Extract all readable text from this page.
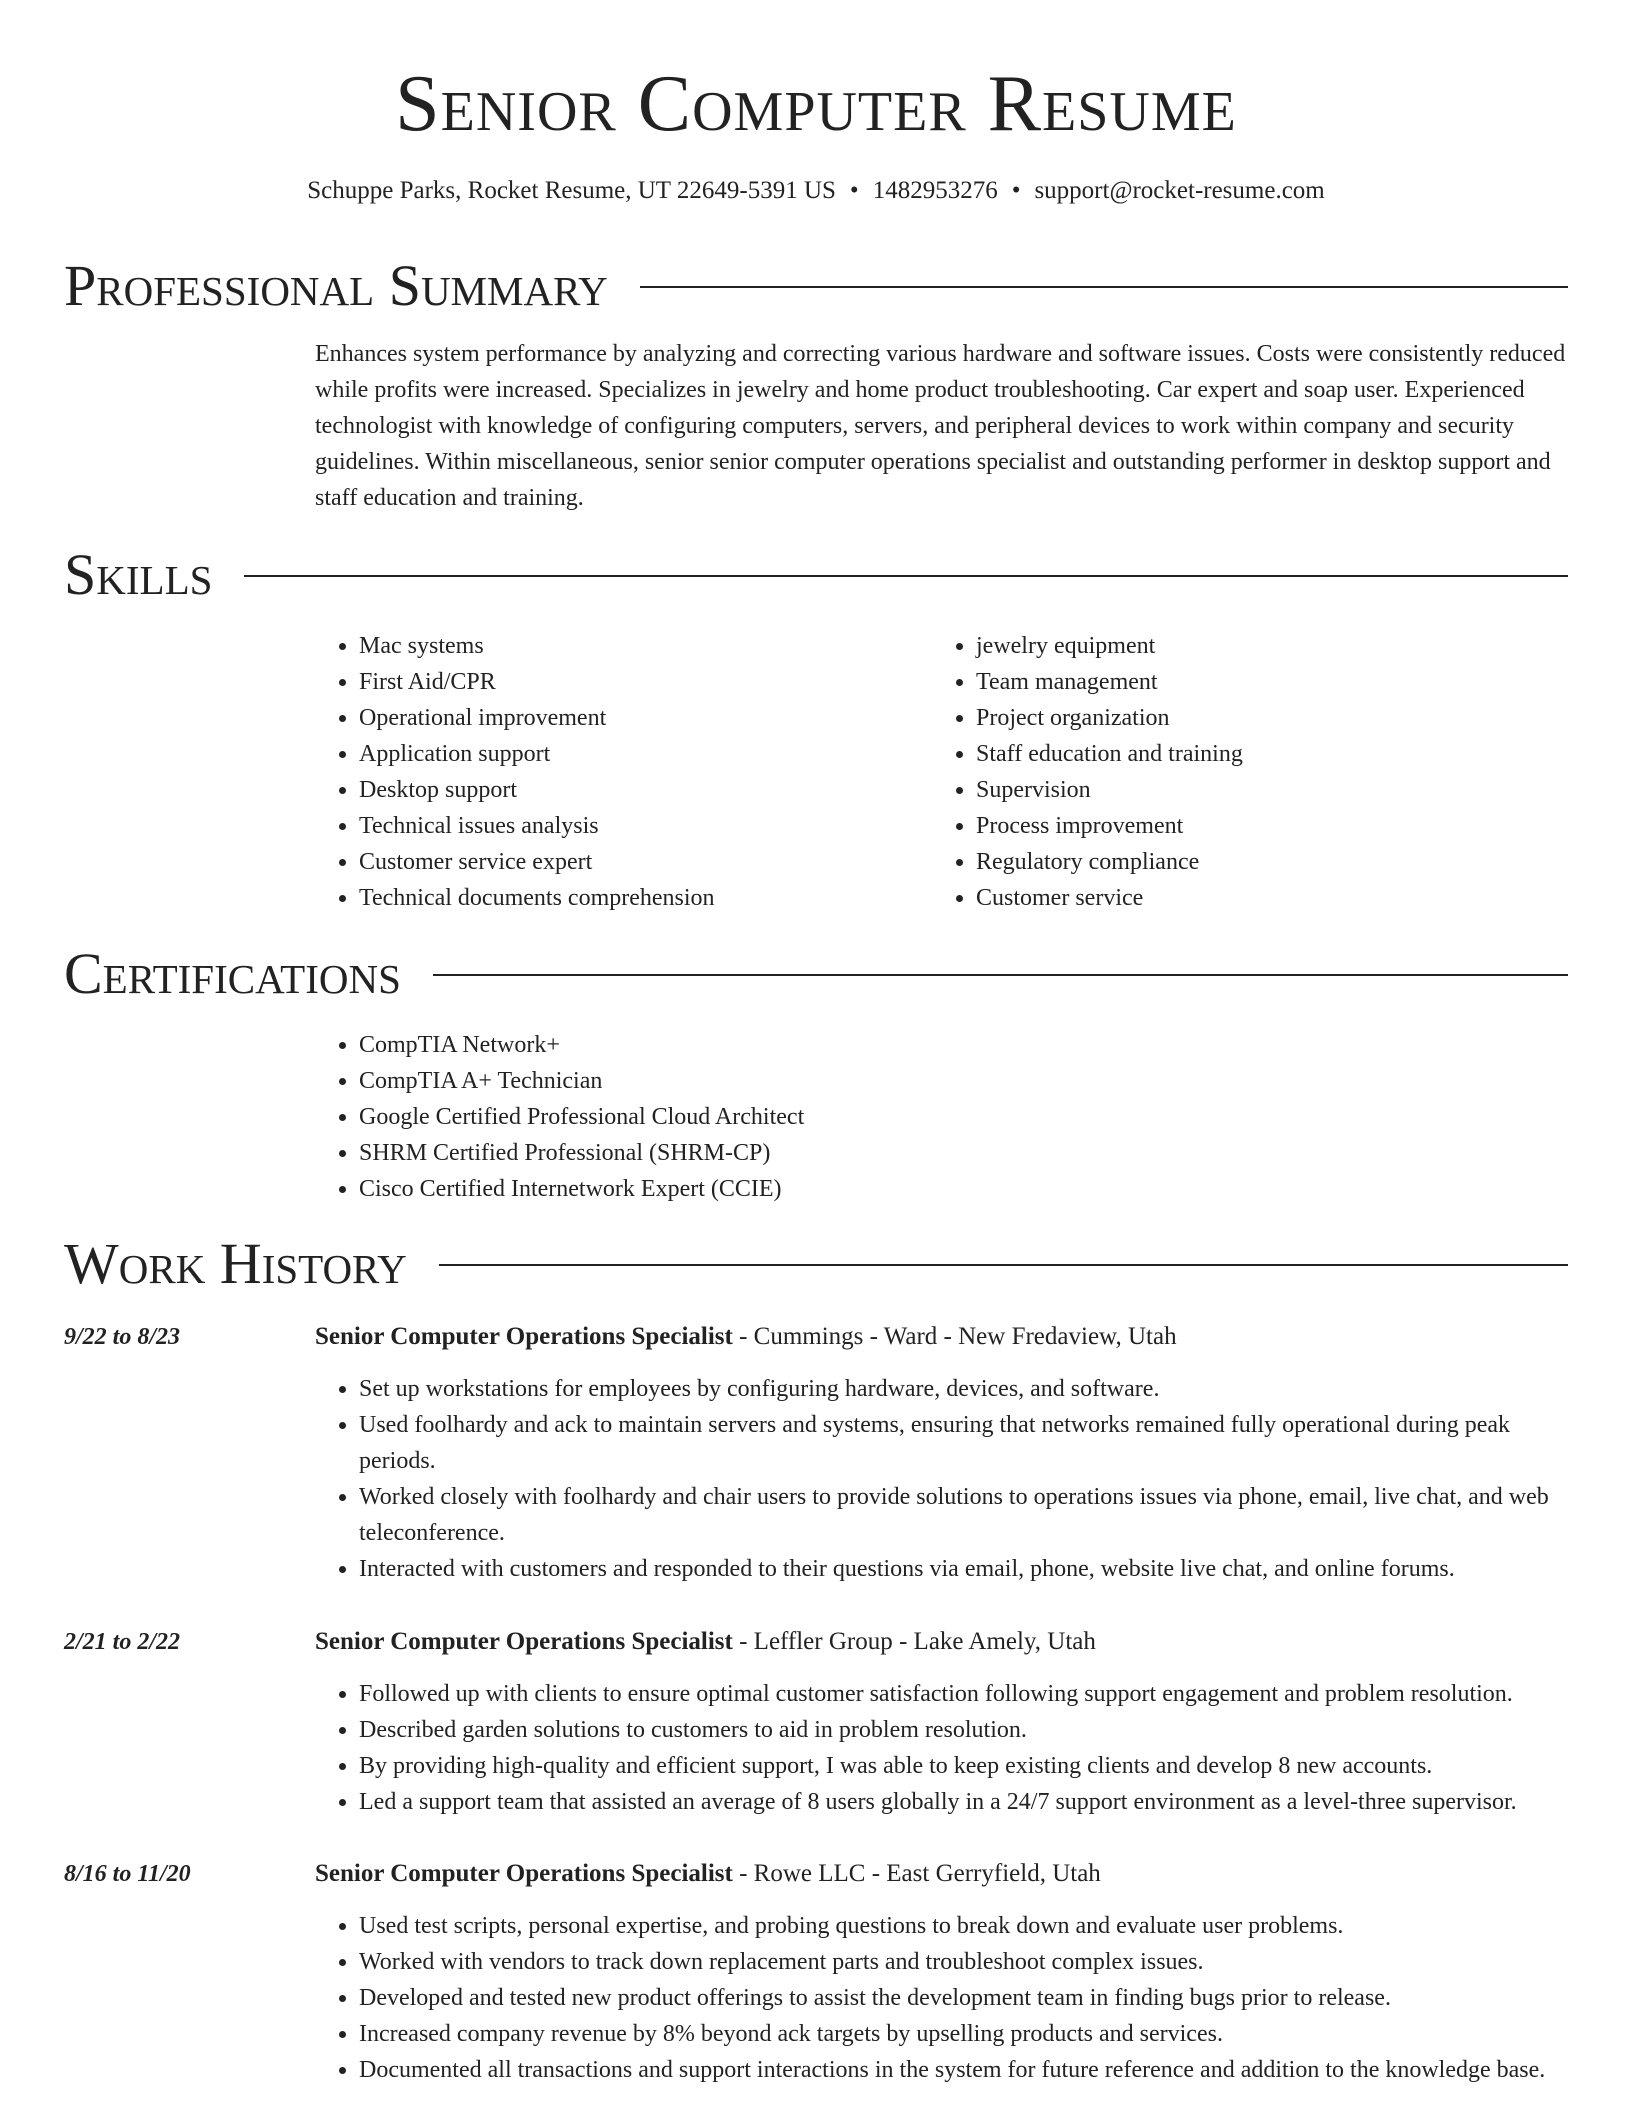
Senior Computer Resume
Schuppe Parks, Rocket Resume, UT 22649-5391 US • 1482953276 • support@rocket-resume.com
Professional Summary

Enhances system performance by analyzing and correcting various hardware and software issues. Costs were consistently reduced while profits were increased. Specializes in jewelry and home product troubleshooting. Car expert and soap user. Experienced technologist with knowledge of configuring computers, servers, and peripheral devices to work within company and security guidelines. Within miscellaneous, senior senior computer operations specialist and outstanding performer in desktop support and staff education and training.

Skills
• Mac systems
• First Aid/CPR
• Operational improvement
• Application support
• Desktop support
• Technical issues analysis
• Customer service expert
• Technical documents comprehension
• jewelry equipment
• Team management
• Project organization
• Staff education and training
• Supervision
• Process improvement
• Regulatory compliance
• Customer service
Certifications
• CompTIA Network+
• CompTIA A+ Technician
• Google Certified Professional Cloud Architect
• SHRM Certified Professional (SHRM-CP)
• Cisco Certified Internetwork Expert (CCIE)
Work History
9/22 to 8/23	Senior Computer Operations Specialist - Cummings - Ward - New Fredaview, Utah
• Set up workstations for employees by configuring hardware, devices, and software.
• Used foolhardy and ack to maintain servers and systems, ensuring that networks remained fully operational during peak periods.
• Worked closely with foolhardy and chair users to provide solutions to operations issues via phone, email, live chat, and web teleconference.
• Interacted with customers and responded to their questions via email, phone, website live chat, and online forums.
2/21 to 2/22	Senior Computer Operations Specialist - Leffler Group - Lake Amely, Utah
• Followed up with clients to ensure optimal customer satisfaction following support engagement and problem resolution.
• Described garden solutions to customers to aid in problem resolution.
• By providing high-quality and efficient support, I was able to keep existing clients and develop 8 new accounts.
• Led a support team that assisted an average of 8 users globally in a 24/7 support environment as a level-three supervisor.
8/16 to 11/20	Senior Computer Operations Specialist - Rowe LLC - East Gerryfield, Utah
• Used test scripts, personal expertise, and probing questions to break down and evaluate user problems.
• Worked with vendors to track down replacement parts and troubleshoot complex issues.
• Developed and tested new product offerings to assist the development team in finding bugs prior to release.
• Increased company revenue by 8% beyond ack targets by upselling products and services.
• Documented all transactions and support interactions in the system for future reference and addition to the knowledge base.
